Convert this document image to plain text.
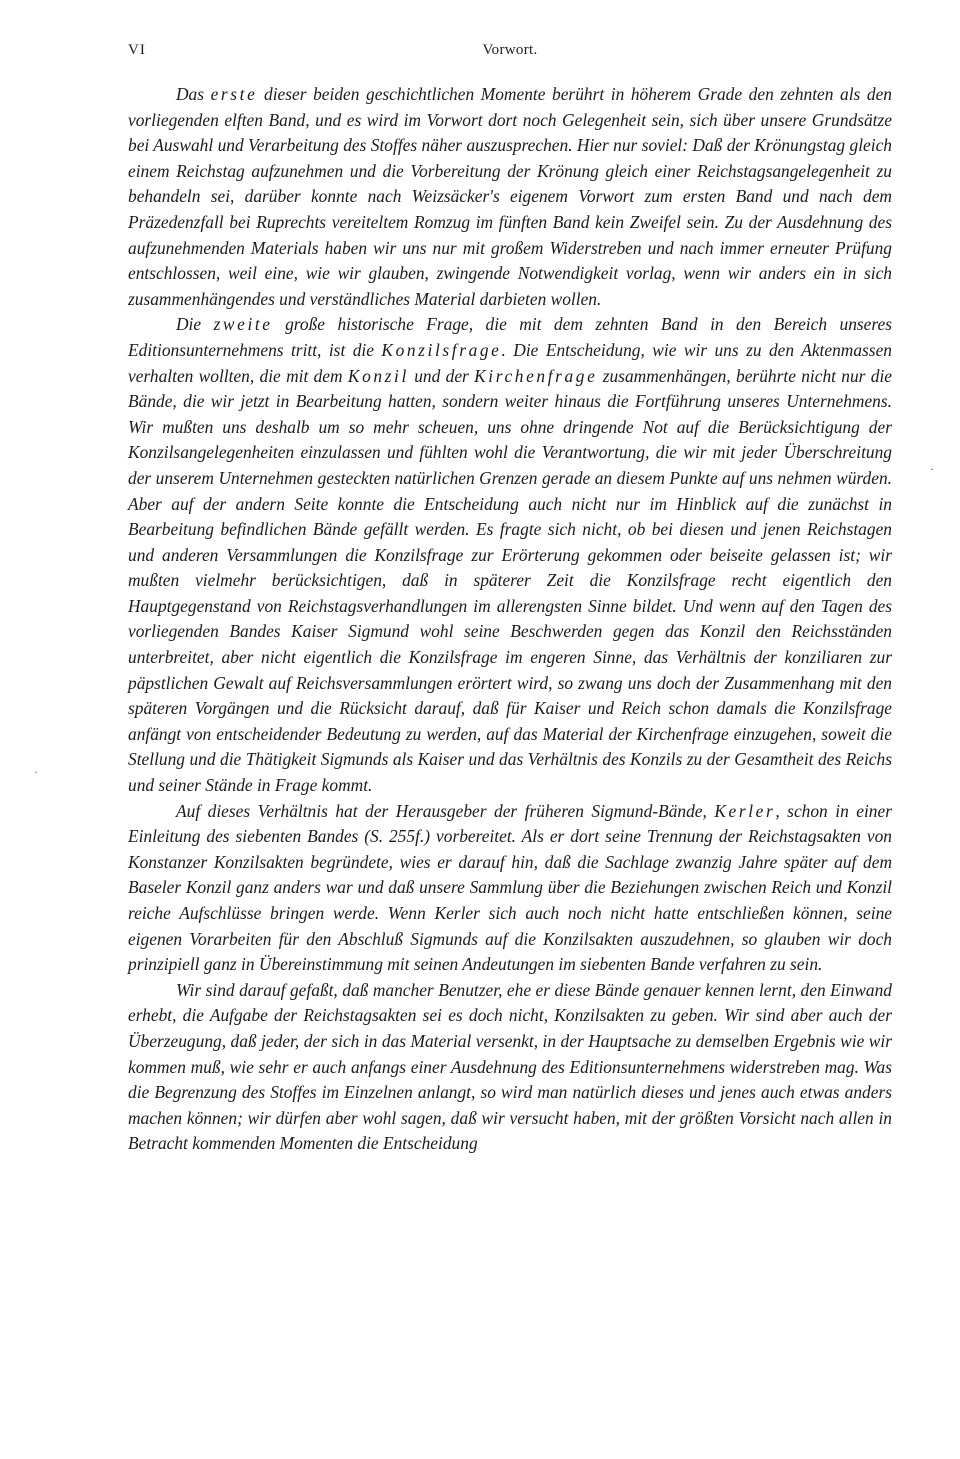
VI	Vorwort.

Das erste dieser beiden geschichtlichen Momente berührt in höherem Grade den zehnten als den vorliegenden elften Band, und es wird im Vorwort dort noch Gelegenheit sein, sich über unsere Grundsätze bei Auswahl und Verarbeitung des Stoffes näher auszusprechen. Hier nur soviel: Daß der Krönungstag gleich einem Reichstag aufzunehmen und die Vorbereitung der Krönung gleich einer Reichstagsangelegenheit zu behandeln sei, darüber konnte nach Weizsäcker's eigenem Vorwort zum ersten Band und nach dem Präzedenzfall bei Ruprechts vereiteltem Romzug im fünften Band kein Zweifel sein. Zu der Ausdehnung des aufzunehmenden Materials haben wir uns nur mit großem Widerstreben und nach immer erneuter Prüfung entschlossen, weil eine, wie wir glauben, zwingende Notwendigkeit vorlag, wenn wir anders ein in sich zusammenhängendes und verständliches Material darbieten wollen.

Die zweite große historische Frage, die mit dem zehnten Band in den Bereich unseres Editionsunternehmens tritt, ist die Konzilsfrage. Die Entscheidung, wie wir uns zu den Aktenmassen verhalten wollten, die mit dem Konzil und der Kirchenfrage zusammenhängen, berührte nicht nur die Bände, die wir jetzt in Bearbeitung hatten, sondern weiter hinaus die Fortführung unseres Unternehmens. Wir mußten uns deshalb um so mehr scheuen, uns ohne dringende Not auf die Berücksichtigung der Konzilsangelegenheiten einzulassen und fühlten wohl die Verantwortung, die wir mit jeder Überschreitung der unserem Unternehmen gesteckten natürlichen Grenzen gerade an diesem Punkte auf uns nehmen würden. Aber auf der andern Seite konnte die Entscheidung auch nicht nur im Hinblick auf die zunächst in Bearbeitung befindlichen Bände gefällt werden. Es fragte sich nicht, ob bei diesen und jenen Reichstagen und anderen Versammlungen die Konzilsfrage zur Erörterung gekommen oder beiseite gelassen ist; wir mußten vielmehr berücksichtigen, daß in späterer Zeit die Konzilsfrage recht eigentlich den Hauptgegenstand von Reichstagsverhandlungen im allerengsten Sinne bildet. Und wenn auf den Tagen des vorliegenden Bandes Kaiser Sigmund wohl seine Beschwerden gegen das Konzil den Reichsständen unterbreitet, aber nicht eigentlich die Konzilsfrage im engeren Sinne, das Verhältnis der konziliaren zur päpstlichen Gewalt auf Reichsversammlungen erörtert wird, so zwang uns doch der Zusammenhang mit den späteren Vorgängen und die Rücksicht darauf, daß für Kaiser und Reich schon damals die Konzilsfrage anfängt von entscheidender Bedeutung zu werden, auf das Material der Kirchenfrage einzugehen, soweit die Stellung und die Thätigkeit Sigmunds als Kaiser und das Verhältnis des Konzils zu der Gesamtheit des Reichs und seiner Stände in Frage kommt.

Auf dieses Verhältnis hat der Herausgeber der früheren Sigmund-Bände, Kerler, schon in einer Einleitung des siebenten Bandes (S. 255f.) vorbereitet. Als er dort seine Trennung der Reichstagsakten von Konstanzer Konzilsakten begründete, wies er darauf hin, daß die Sachlage zwanzig Jahre später auf dem Baseler Konzil ganz anders war und daß unsere Sammlung über die Beziehungen zwischen Reich und Konzil reiche Aufschlüsse bringen werde. Wenn Kerler sich auch noch nicht hatte entschließen können, seine eigenen Vorarbeiten für den Abschluß Sigmunds auf die Konzilsakten auszudehnen, so glauben wir doch prinzipiell ganz in Übereinstimmung mit seinen Andeutungen im siebenten Bande verfahren zu sein.

Wir sind darauf gefaßt, daß mancher Benutzer, ehe er diese Bände genauer kennen lernt, den Einwand erhebt, die Aufgabe der Reichstagsakten sei es doch nicht, Konzilsakten zu geben. Wir sind aber auch der Überzeugung, daß jeder, der sich in das Material versenkt, in der Hauptsache zu demselben Ergebnis wie wir kommen muß, wie sehr er auch anfangs einer Ausdehnung des Editionsunternehmens widerstreben mag. Was die Begrenzung des Stoffes im Einzelnen anlangt, so wird man natürlich dieses und jenes auch etwas anders machen können; wir dürfen aber wohl sagen, daß wir versucht haben, mit der größten Vorsicht nach allen in Betracht kommenden Momenten die Entscheidung

·
·
